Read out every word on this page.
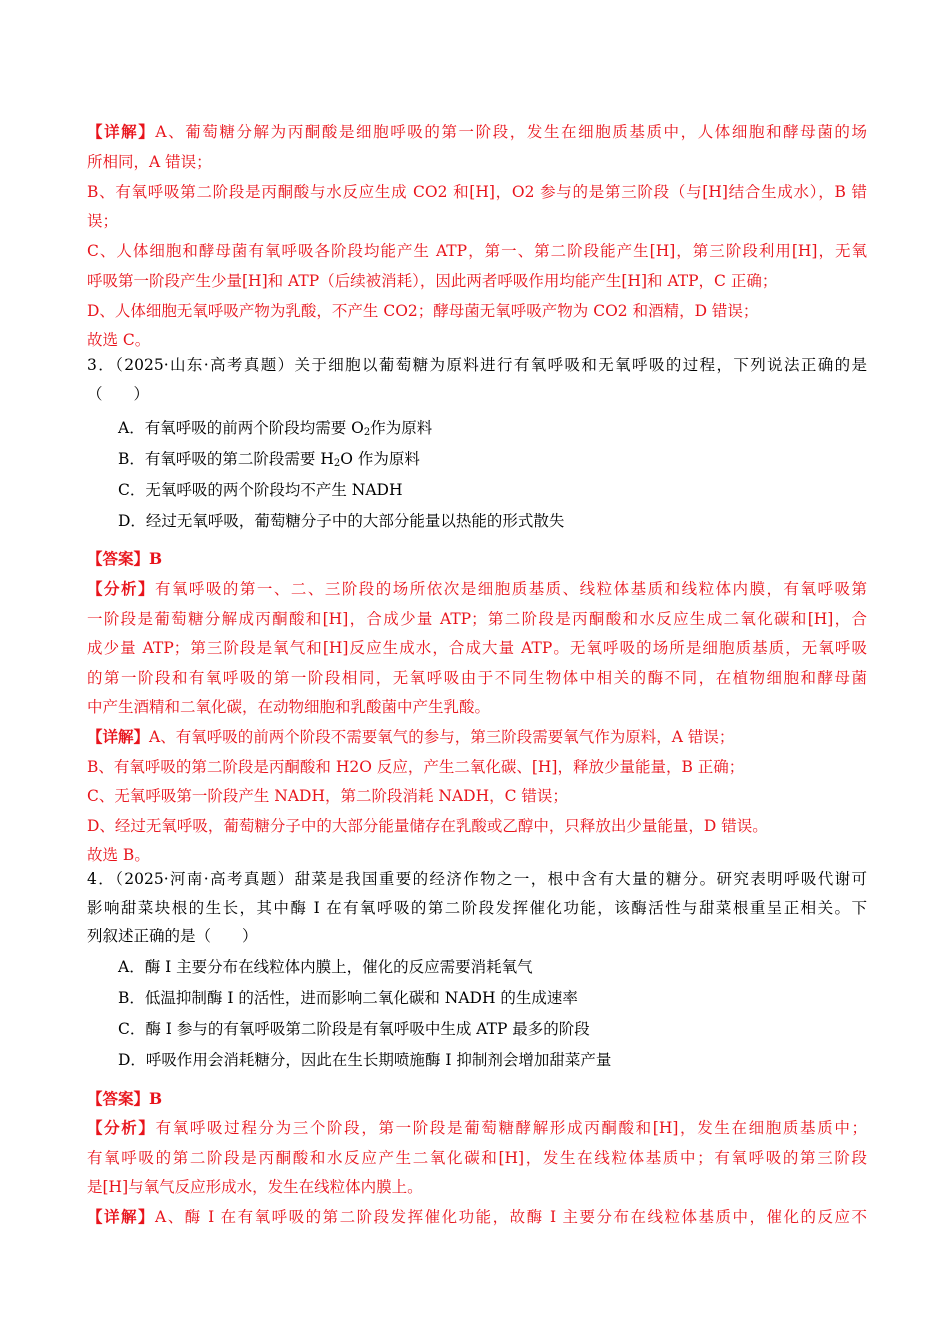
【详解】A、葡萄糖分解为丙酮酸是细胞呼吸的第一阶段，发生在细胞质基质中，人体细胞和酵母菌的场
所相同，A 错误；
B、有氧呼吸第二阶段是丙酮酸与水反应生成 CO2 和[H]，O2 参与的是第三阶段（与[H]结合生成水），B 错
误；
C、人体细胞和酵母菌有氧呼吸各阶段均能产生 ATP，第一、第二阶段能产生[H]，第三阶段利用[H]，无氧
呼吸第一阶段产生少量[H]和 ATP（后续被消耗），因此两者呼吸作用均能产生[H]和 ATP，C 正确；
D、人体细胞无氧呼吸产物为乳酸，不产生 CO2；酵母菌无氧呼吸产物为 CO2 和酒精，D 错误；
故选 C。
3．（2025·山东·高考真题）关于细胞以葡萄糖为原料进行有氧呼吸和无氧呼吸的过程，下列说法正确的是
（　　）
A．有氧呼吸的前两个阶段均需要 $O_2$作为原料
B．有氧呼吸的第二阶段需要 $H_2O$ 作为原料
C．无氧呼吸的两个阶段均不产生 NADH
D．经过无氧呼吸，葡萄糖分子中的大部分能量以热能的形式散失
【答案】B
【分析】有氧呼吸的第一、二、三阶段的场所依次是细胞质基质、线粒体基质和线粒体内膜，有氧呼吸第
一阶段是葡萄糖分解成丙酮酸和[H]，合成少量 ATP；第二阶段是丙酮酸和水反应生成二氧化碳和[H]，合
成少量 ATP；第三阶段是氧气和[H]反应生成水，合成大量 ATP。无氧呼吸的场所是细胞质基质，无氧呼吸
的第一阶段和有氧呼吸的第一阶段相同，无氧呼吸由于不同生物体中相关的酶不同，在植物细胞和酵母菌
中产生酒精和二氧化碳，在动物细胞和乳酸菌中产生乳酸。
【详解】A、有氧呼吸的前两个阶段不需要氧气的参与，第三阶段需要氧气作为原料，A 错误；
B、有氧呼吸的第二阶段是丙酮酸和 H2O 反应，产生二氧化碳、[H]，释放少量能量，B 正确；
C、无氧呼吸第一阶段产生 NADH，第二阶段消耗 NADH，C 错误；
D、经过无氧呼吸，葡萄糖分子中的大部分能量储存在乳酸或乙醇中，只释放出少量能量，D 错误。
故选 B。
4．（2025·河南·高考真题）甜菜是我国重要的经济作物之一，根中含有大量的糖分。研究表明呼吸代谢可
影响甜菜块根的生长，其中酶 I 在有氧呼吸的第二阶段发挥催化功能，该酶活性与甜菜根重呈正相关。下
列叙述正确的是（　　）
A．酶 I 主要分布在线粒体内膜上，催化的反应需要消耗氧气
B．低温抑制酶 I 的活性，进而影响二氧化碳和 NADH 的生成速率
C．酶 I 参与的有氧呼吸第二阶段是有氧呼吸中生成 ATP 最多的阶段
D．呼吸作用会消耗糖分，因此在生长期喷施酶 I 抑制剂会增加甜菜产量
【答案】B
【分析】有氧呼吸过程分为三个阶段，第一阶段是葡萄糖酵解形成丙酮酸和[H]，发生在细胞质基质中；
有氧呼吸的第二阶段是丙酮酸和水反应产生二氧化碳和[H]，发生在线粒体基质中；有氧呼吸的第三阶段
是[H]与氧气反应形成水，发生在线粒体内膜上。
【详解】A、酶 I 在有氧呼吸的第二阶段发挥催化功能，故酶 I 主要分布在线粒体基质中，催化的反应不
